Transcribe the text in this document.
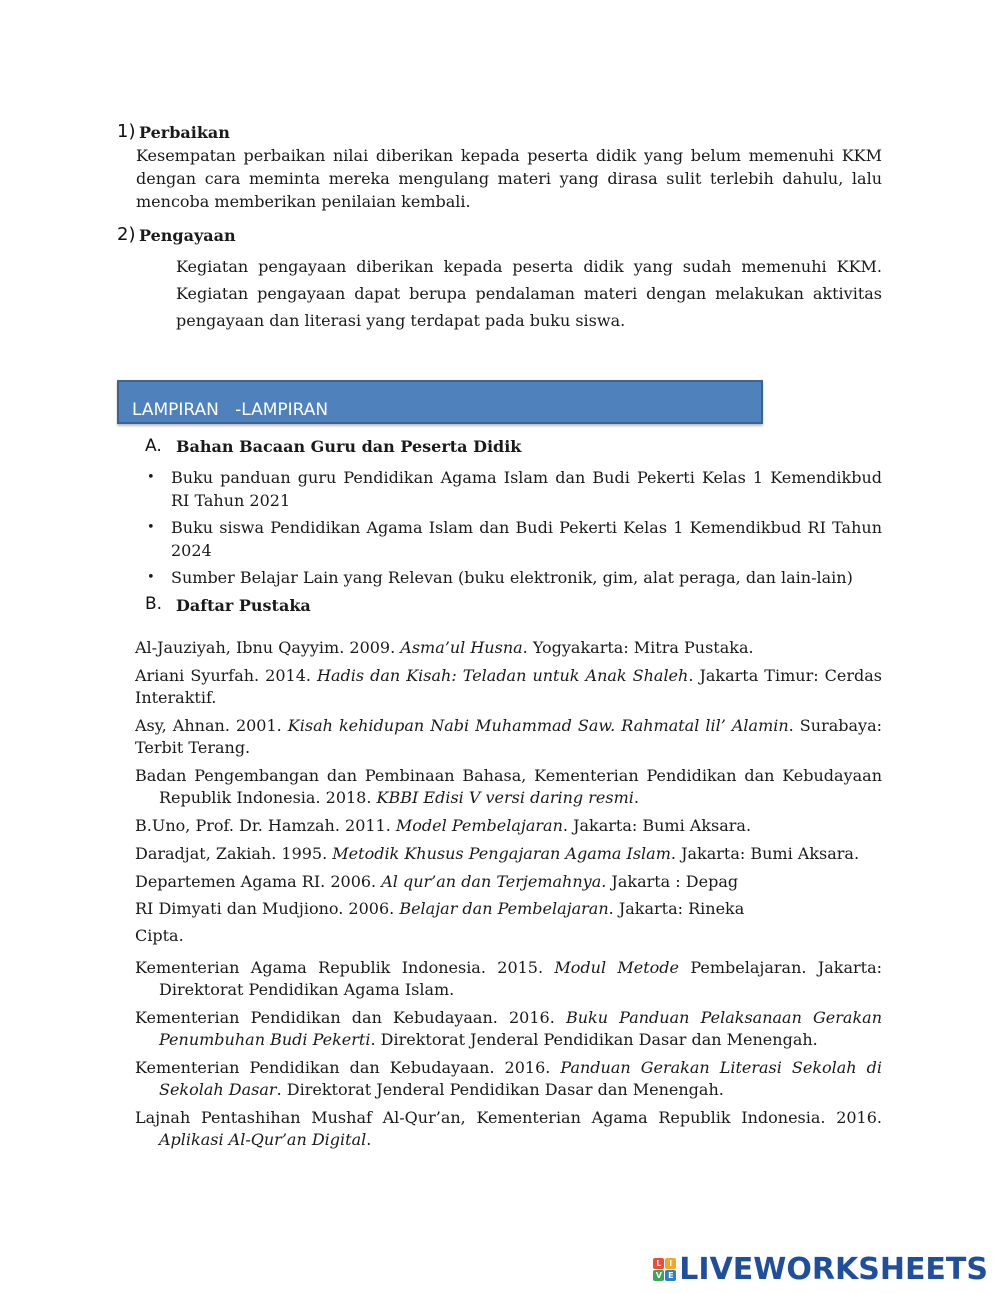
1) Perbaikan
Kesempatan perbaikan nilai diberikan kepada peserta didik yang belum memenuhi KKM dengan cara meminta mereka mengulang materi yang dirasa sulit terlebih dahulu, lalu mencoba memberikan penilaian kembali.
2) Pengayaan
Kegiatan pengayaan diberikan kepada peserta didik yang sudah memenuhi KKM. Kegiatan pengayaan dapat berupa pendalaman materi dengan melakukan aktivitas pengayaan dan literasi yang terdapat pada buku siswa.
LAMPIRAN   -LAMPIRAN
A. Bahan Bacaan Guru dan Peserta Didik
• Buku panduan guru Pendidikan Agama Islam dan Budi Pekerti Kelas 1 Kemendikbud RI Tahun 2021
• Buku siswa Pendidikan Agama Islam dan Budi Pekerti Kelas 1 Kemendikbud RI Tahun 2024
• Sumber Belajar Lain yang Relevan (buku elektronik, gim, alat peraga, dan lain-lain)
B. Daftar Pustaka
Al-Jauziyah, Ibnu Qayyim. 2009. Asma’ul Husna. Yogyakarta: Mitra Pustaka.
Ariani Syurfah. 2014. Hadis dan Kisah: Teladan untuk Anak Shaleh. Jakarta Timur: Cerdas Interaktif.
Asy, Ahnan. 2001. Kisah kehidupan Nabi Muhammad Saw. Rahmatal lil’ Alamin. Surabaya: Terbit Terang.
Badan Pengembangan dan Pembinaan Bahasa, Kementerian Pendidikan dan Kebudayaan Republik Indonesia. 2018. KBBI Edisi V versi daring resmi.
B.Uno, Prof. Dr. Hamzah. 2011. Model Pembelajaran. Jakarta: Bumi Aksara.
Daradjat, Zakiah. 1995. Metodik Khusus Pengajaran Agama Islam. Jakarta: Bumi Aksara.
Departemen Agama RI. 2006. Al qur’an dan Terjemahnya. Jakarta : Depag
RI Dimyati dan Mudjiono. 2006. Belajar dan Pembelajaran. Jakarta: Rineka
Cipta.
Kementerian Agama Republik Indonesia. 2015. Modul Metode Pembelajaran. Jakarta: Direktorat Pendidikan Agama Islam.
Kementerian Pendidikan dan Kebudayaan. 2016. Buku Panduan Pelaksanaan Gerakan Penumbuhan Budi Pekerti. Direktorat Jenderal Pendidikan Dasar dan Menengah.
Kementerian Pendidikan dan Kebudayaan. 2016. Panduan Gerakan Literasi Sekolah di Sekolah Dasar. Direktorat Jenderal Pendidikan Dasar dan Menengah.
Lajnah Pentashihan Mushaf Al-Qur’an, Kementerian Agama Republik Indonesia. 2016. Aplikasi Al-Qur’an Digital.
L I
V E LIVEWORKSHEETS
